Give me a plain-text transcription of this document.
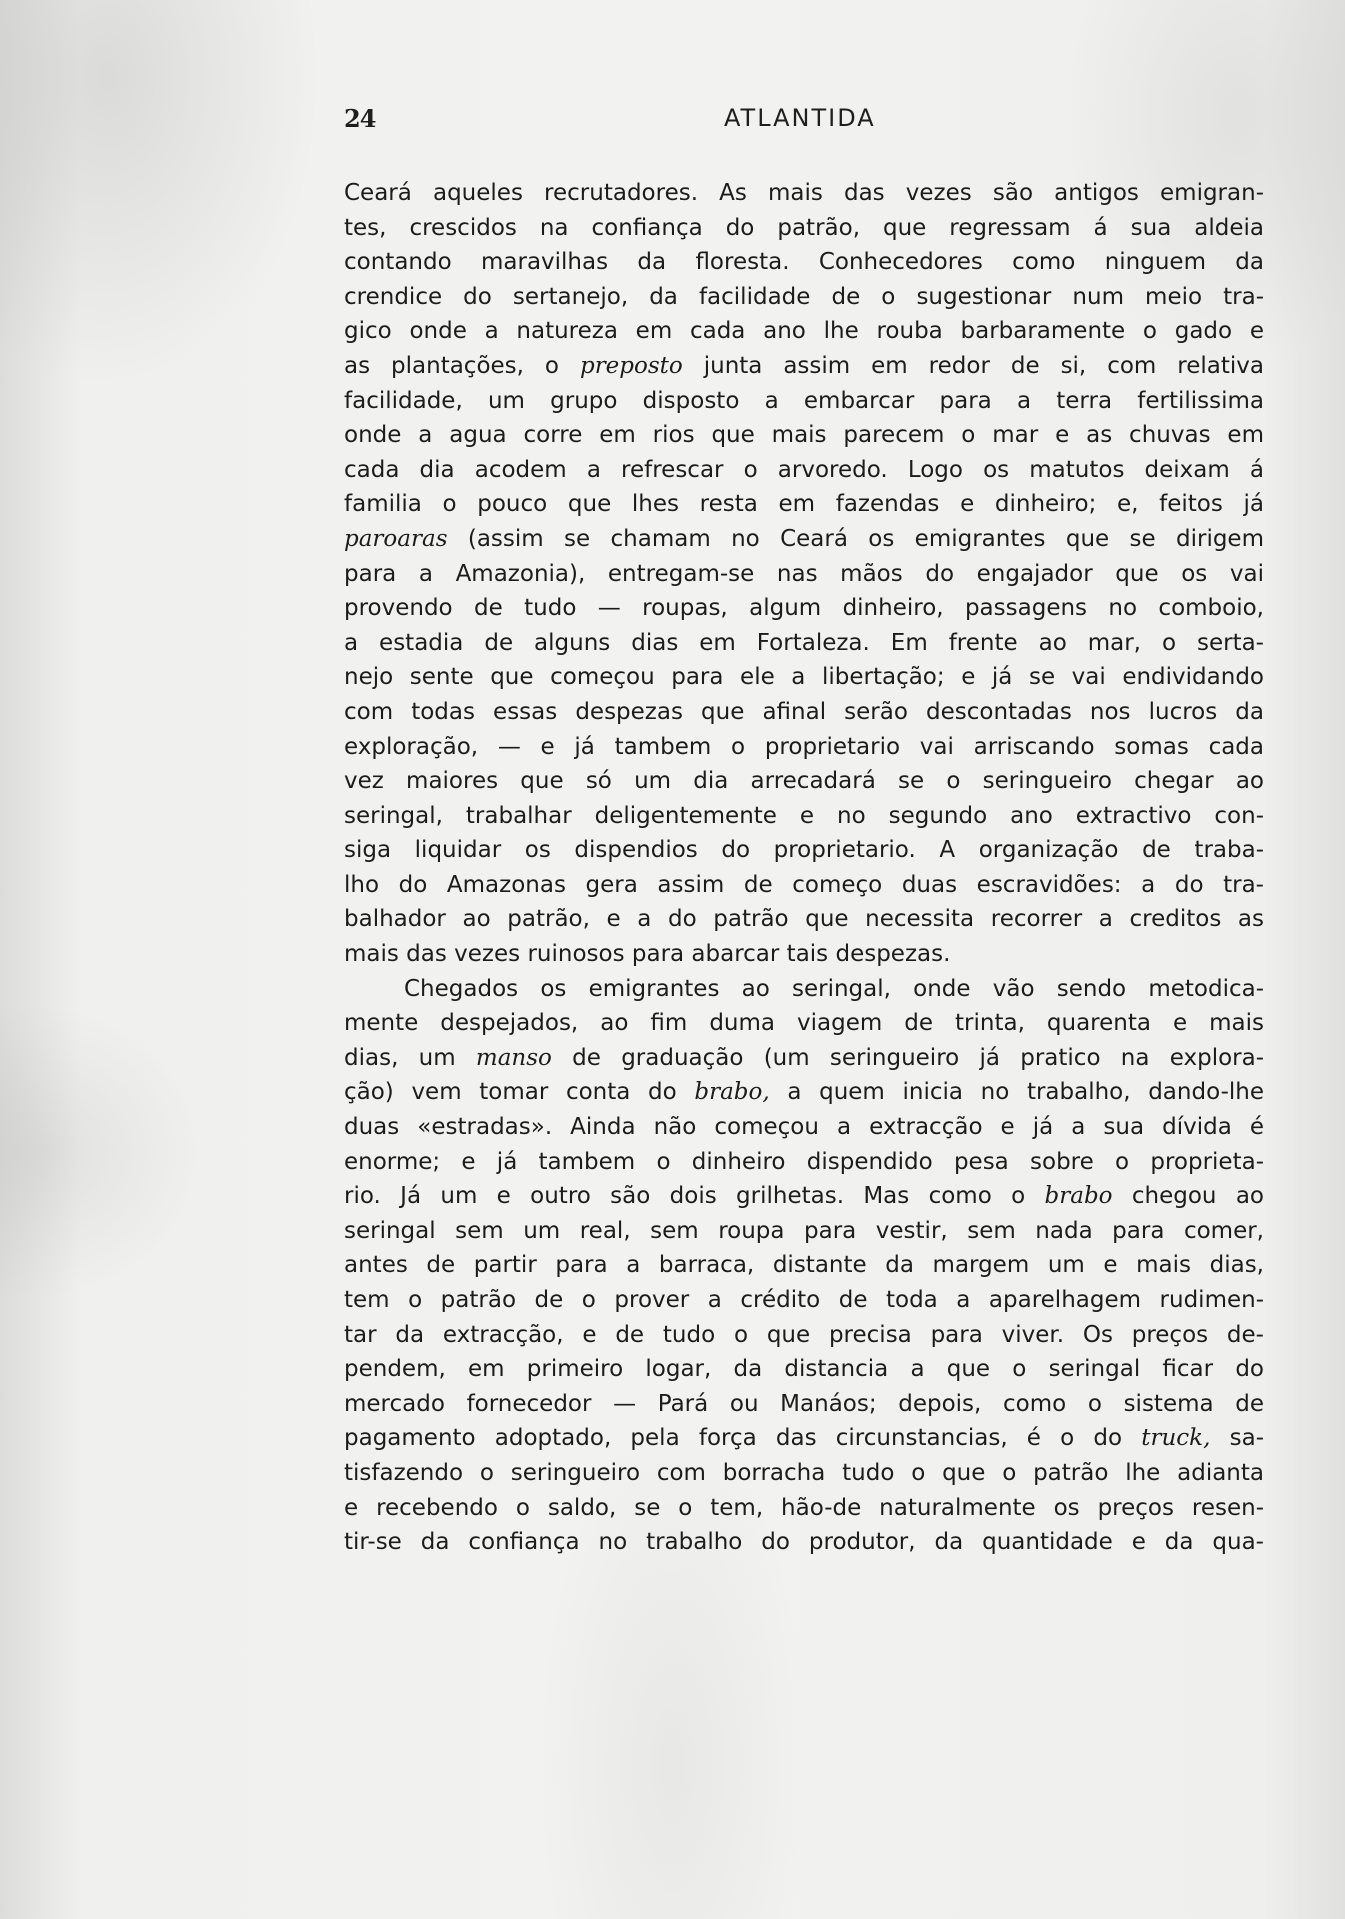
24	ATLANTIDA
Ceará aqueles recrutadores. As mais das vezes são antigos emigran-
tes, crescidos na confiança do patrão, que regressam á sua aldeia
contando maravilhas da floresta. Conhecedores como ninguem da
crendice do sertanejo, da facilidade de o sugestionar num meio tra-
gico onde a natureza em cada ano lhe rouba barbaramente o gado e
as plantações, o preposto junta assim em redor de si, com relativa
facilidade, um grupo disposto a embarcar para a terra fertilissima
onde a agua corre em rios que mais parecem o mar e as chuvas em
cada dia acodem a refrescar o arvoredo. Logo os matutos deixam á
familia o pouco que lhes resta em fazendas e dinheiro; e, feitos já
paroaras (assim se chamam no Ceará os emigrantes que se dirigem
para a Amazonia), entregam-se nas mãos do engajador que os vai
provendo de tudo — roupas, algum dinheiro, passagens no comboio,
a estadia de alguns dias em Fortaleza. Em frente ao mar, o serta-
nejo sente que começou para ele a libertação; e já se vai endividando
com todas essas despezas que afinal serão descontadas nos lucros da
exploração, — e já tambem o proprietario vai arriscando somas cada
vez maiores que só um dia arrecadará se o seringueiro chegar ao
seringal, trabalhar deligentemente e no segundo ano extractivo con-
siga liquidar os dispendios do proprietario. A organização de traba-
lho do Amazonas gera assim de começo duas escravidões: a do tra-
balhador ao patrão, e a do patrão que necessita recorrer a creditos as
mais das vezes ruinosos para abarcar tais despezas.
Chegados os emigrantes ao seringal, onde vão sendo metodica-
mente despejados, ao fim duma viagem de trinta, quarenta e mais
dias, um manso de graduação (um seringueiro já pratico na explora-
ção) vem tomar conta do brabo, a quem inicia no trabalho, dando-lhe
duas «estradas». Ainda não começou a extracção e já a sua dívida é
enorme; e já tambem o dinheiro dispendido pesa sobre o proprieta-
rio. Já um e outro são dois grilhetas. Mas como o brabo chegou ao
seringal sem um real, sem roupa para vestir, sem nada para comer,
antes de partir para a barraca, distante da margem um e mais dias,
tem o patrão de o prover a crédito de toda a aparelhagem rudimen-
tar da extracção, e de tudo o que precisa para viver. Os preços de-
pendem, em primeiro logar, da distancia a que o seringal ficar do
mercado fornecedor — Pará ou Manáos; depois, como o sistema de
pagamento adoptado, pela força das circunstancias, é o do truck, sa-
tisfazendo o seringueiro com borracha tudo o que o patrão lhe adianta
e recebendo o saldo, se o tem, hão-de naturalmente os preços resen-
tir-se da confiança no trabalho do produtor, da quantidade e da qua-
